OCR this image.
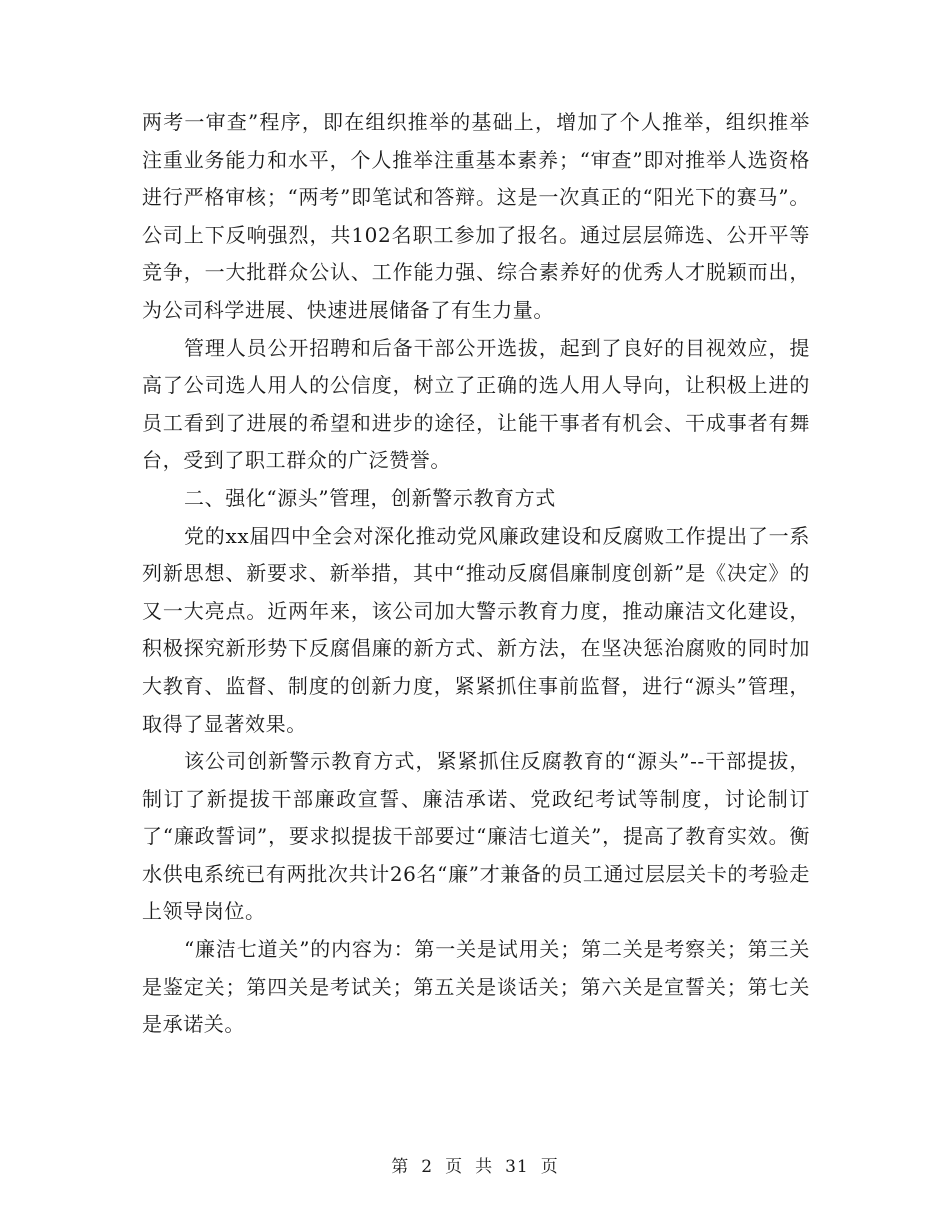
两考一审查”程序，即在组织推举的基础上，增加了个人推举，组织推举注重业务能力和水平，个人推举注重基本素养；“审查”即对推举人选资格进行严格审核；“两考”即笔试和答辩。这是一次真正的“阳光下的赛马”。公司上下反响强烈，共102名职工参加了报名。通过层层筛选、公开平等竞争，一大批群众公认、工作能力强、综合素养好的优秀人才脱颖而出，为公司科学进展、快速进展储备了有生力量。

管理人员公开招聘和后备干部公开选拔，起到了良好的目视效应，提高了公司选人用人的公信度，树立了正确的选人用人导向，让积极上进的员工看到了进展的希望和进步的途径，让能干事者有机会、干成事者有舞台，受到了职工群众的广泛赞誉。

二、强化“源头”管理，创新警示教育方式

党的xx届四中全会对深化推动党风廉政建设和反腐败工作提出了一系列新思想、新要求、新举措，其中“推动反腐倡廉制度创新”是《决定》的又一大亮点。近两年来，该公司加大警示教育力度，推动廉洁文化建设，积极探究新形势下反腐倡廉的新方式、新方法，在坚决惩治腐败的同时加大教育、监督、制度的创新力度，紧紧抓住事前监督，进行“源头”管理，取得了显著效果。

该公司创新警示教育方式，紧紧抓住反腐教育的“源头”--干部提拔，制订了新提拔干部廉政宣誓、廉洁承诺、党政纪考试等制度，讨论制订了“廉政誓词”，要求拟提拔干部要过“廉洁七道关”，提高了教育实效。衡水供电系统已有两批次共计26名“廉”才兼备的员工通过层层关卡的考验走上领导岗位。

“廉洁七道关”的内容为：第一关是试用关；第二关是考察关；第三关是鉴定关；第四关是考试关；第五关是谈话关；第六关是宣誓关；第七关是承诺关。

第 2 页 共 31 页
